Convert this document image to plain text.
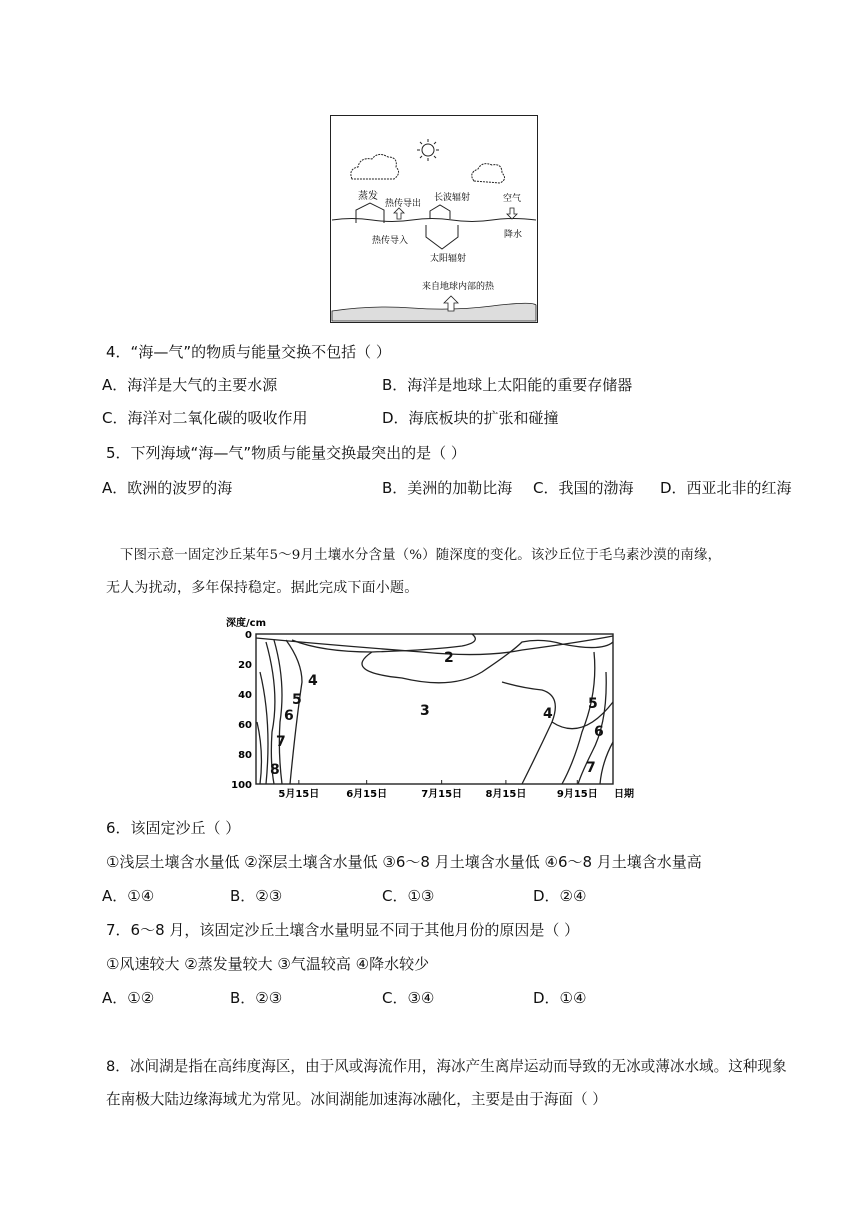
蒸发
热传导出
长波辐射	空气
热传导入
降水
太阳辐射
来自地球内部的热
4．“海—气”的物质与能量交换不包括（ ）
A．海洋是大气的主要水源	B．海洋是地球上太阳能的重要存储器
C．海洋对二氧化碳的吸收作用	D．海底板块的扩张和碰撞
5．下列海域“海—气”物质与能量交换最突出的是（ ）
A．欧洲的波罗的海	B．美洲的加勒比海 C．我国的渤海 D．西亚北非的红海
下图示意一固定沙丘某年5～9月土壤水分含量（%）随深度的变化。该沙丘位于毛乌素沙漠的南缘，
无人为扰动，多年保持稳定。据此完成下面小题。
深度/cm
0
20
40
60
80
100
5月15日	6月15日	7月15日 8月15日	9月15日
2
3
4
4
5	5
6
6
7
7
8
日期
6．该固定沙丘（ ）
①浅层土壤含水量低 ②深层土壤含水量低 ③6～8 月土壤含水量低 ④6～8 月土壤含水量高
A．①④	B．②③	C．①③	D．②④
7．6～8 月，该固定沙丘土壤含水量明显不同于其他月份的原因是（ ）
①风速较大 ②蒸发量较大 ③气温较高 ④降水较少
A．①②	B．②③	C．③④	D．①④
8．冰间湖是指在高纬度海区，由于风或海流作用，海冰产生离岸运动而导致的无冰或薄冰水域。这种现象
在南极大陆边缘海域尤为常见。冰间湖能加速海冰融化，主要是由于海面（ ）
